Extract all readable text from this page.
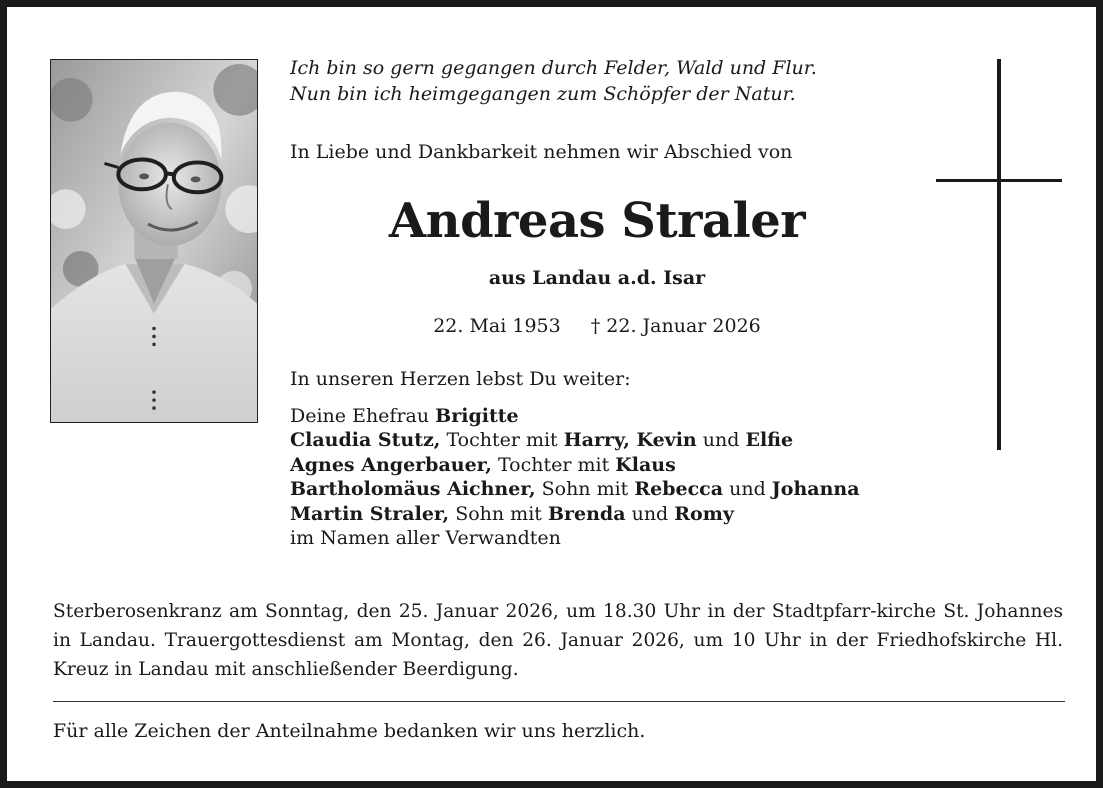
Ich bin so gern gegangen durch Felder, Wald und Flur.
Nun bin ich heimgegangen zum Schöpfer der Natur.
In Liebe und Dankbarkeit nehmen wir Abschied von
Andreas Straler
aus Landau a.d. Isar
22. Mai 1953 † 22. Januar 2026
In unseren Herzen lebst Du weiter:
Deine Ehefrau Brigitte
Claudia Stutz, Tochter mit Harry, Kevin und Elfie
Agnes Angerbauer, Tochter mit Klaus
Bartholomäus Aichner, Sohn mit Rebecca und Johanna
Martin Straler, Sohn mit Brenda und Romy
im Namen aller Verwandten
Sterberosenkranz am Sonntag, den 25. Januar 2026, um 18.30 Uhr in der Stadtpfarr-kirche St. Johannes in Landau. Trauergottesdienst am Montag, den 26. Januar 2026, um 10 Uhr in der Friedhofskirche Hl. Kreuz in Landau mit anschließender Beerdigung.
Für alle Zeichen der Anteilnahme bedanken wir uns herzlich.
